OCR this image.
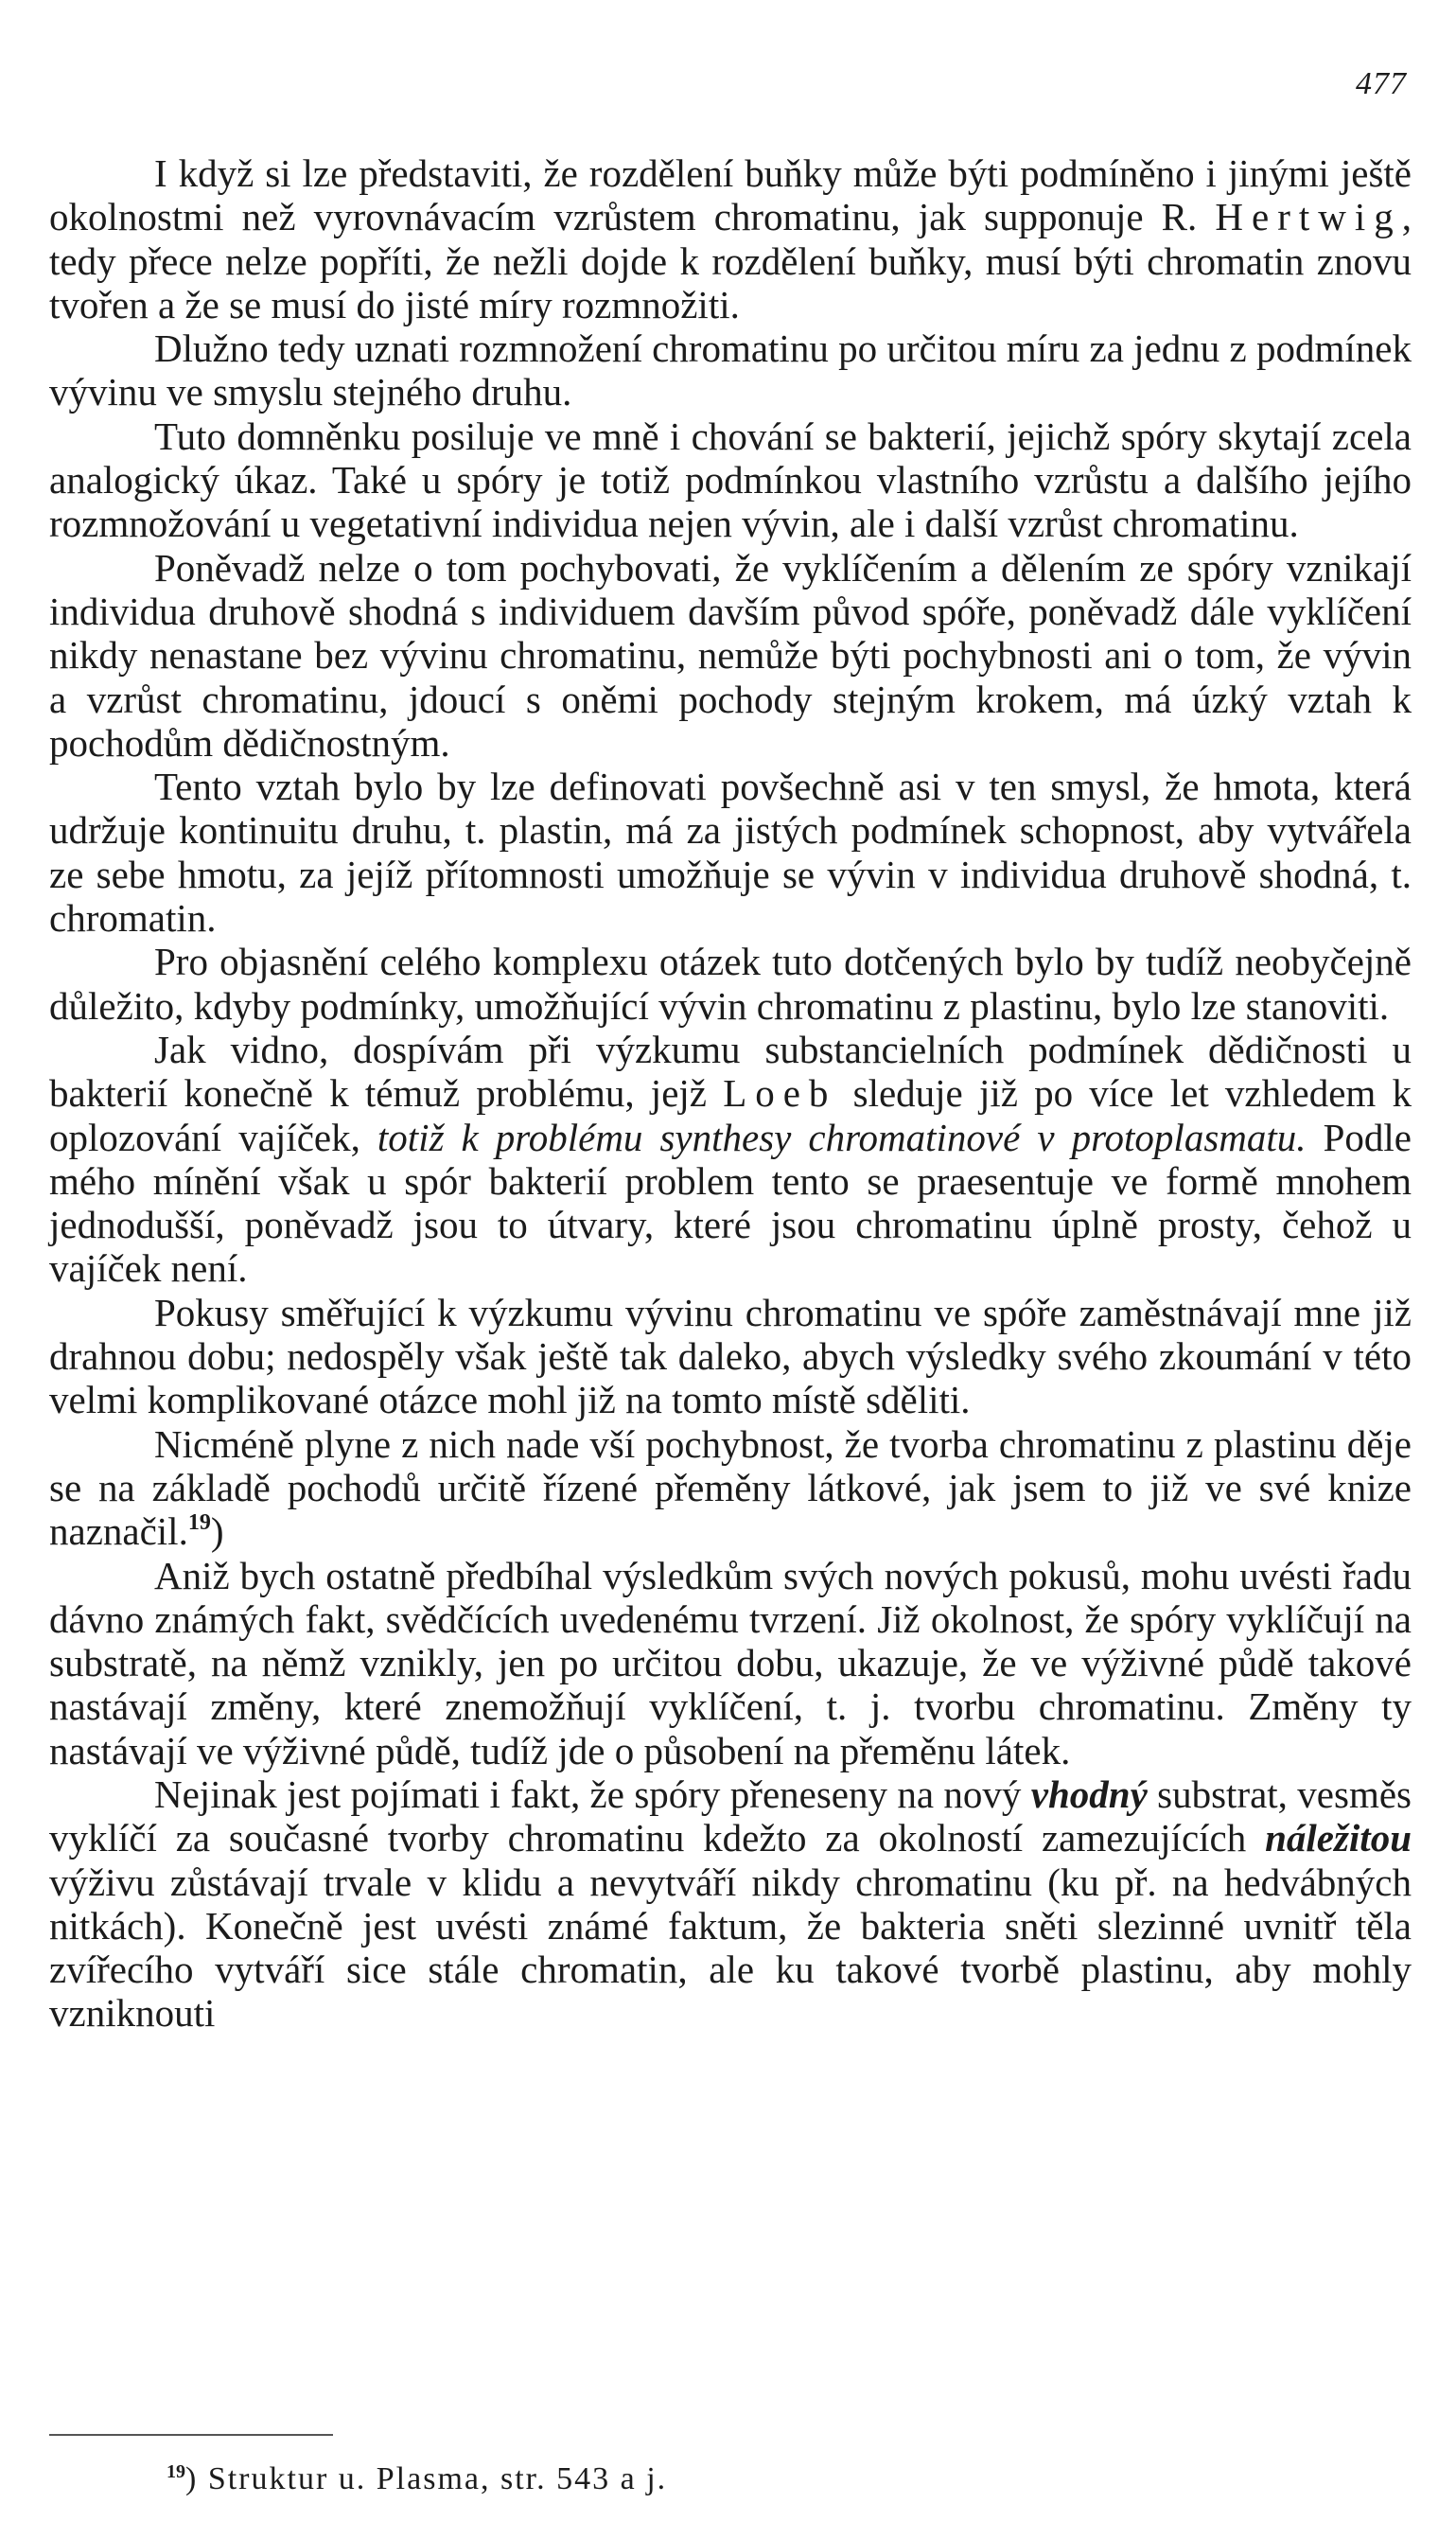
477

I když si lze představiti, že rozdělení buňky může býti podmíněno i jinými ještě okolnostmi než vyrovnávacím vzrůstem chromatinu, jak supponuje R. Hertwig, tedy přece nelze popříti, že nežli dojde k rozdělení buňky, musí býti chromatin znovu tvořen a že se musí do jisté míry rozmnožiti.

Dlužno tedy uznati rozmnožení chromatinu po určitou míru za jednu z podmínek vývinu ve smyslu stejného druhu.

Tuto domněnku posiluje ve mně i chování se bakterií, jejichž spóry skytají zcela analogický úkaz. Také u spóry je totiž podmínkou vlastního vzrůstu a dalšího jejího rozmnožování u vegetativní individua nejen vývin, ale i další vzrůst chromatinu.

Poněvadž nelze o tom pochybovati, že vyklíčením a dělením ze spóry vznikají individua druhově shodná s individuem davším původ spóře, poněvadž dále vyklíčení nikdy nenastane bez vývinu chromatinu, nemůže býti pochybnosti ani o tom, že vývin a vzrůst chromatinu, jdoucí s oněmi pochody stejným krokem, má úzký vztah k pochodům dědičnostným.

Tento vztah bylo by lze definovati povšechně asi v ten smysl, že hmota, která udržuje kontinuitu druhu, t. plastin, má za jistých podmínek schopnost, aby vytvářela ze sebe hmotu, za jejíž přítomnosti umožňuje se vývin v individua druhově shodná, t. chromatin.

Pro objasnění celého komplexu otázek tuto dotčených bylo by tudíž neobyčejně důležito, kdyby podmínky, umožňující vývin chromatinu z plastinu, bylo lze stanoviti.

Jak vidno, dospívám při výzkumu substancielních podmínek dědičnosti u bakterií konečně k témuž problému, jejž Loeb sleduje již po více let vzhledem k oplozování vajíček, totiž k problému synthesy chromatinové v protoplasmatu. Podle mého mínění však u spór bakterií problem tento se praesentuje ve formě mnohem jednodušší, poněvadž jsou to útvary, které jsou chromatinu úplně prosty, čehož u vajíček není.

Pokusy směřující k výzkumu vývinu chromatinu ve spóře zaměstnávají mne již drahnou dobu; nedospěly však ještě tak daleko, abych výsledky svého zkoumání v této velmi komplikované otázce mohl již na tomto místě sděliti.

Nicméně plyne z nich nade vší pochybnost, že tvorba chromatinu z plastinu děje se na základě pochodů určitě řízené přeměny látkové, jak jsem to již ve své knize naznačil.$^{19}$)

Aniž bych ostatně předbíhal výsledkům svých nových pokusů, mohu uvésti řadu dávno známých fakt, svědčících uvedenému tvrzení. Již okolnost, že spóry vyklíčují na substratě, na němž vznikly, jen po určitou dobu, ukazuje, že ve výživné půdě takové nastávají změny, které znemožňují vyklíčení, t. j. tvorbu chromatinu. Změny ty nastávají ve výživné půdě, tudíž jde o působení na přeměnu látek.

Nejinak jest pojímati i fakt, že spóry přeneseny na nový vhodný substrat, vesměs vyklíčí za současné tvorby chromatinu kdežto za okolností zamezujících náležitou výživu zůstávají trvale v klidu a nevytváří nikdy chromatinu (ku př. na hedvábných nitkách). Konečně jest uvésti známé faktum, že bakteria sněti slezinné uvnitř těla zvířecího vytváří sice stále chromatin, ale ku takové tvorbě plastinu, aby mohly vzniknouti

$^{19}$) Struktur u. Plasma, str. 543 a j.
